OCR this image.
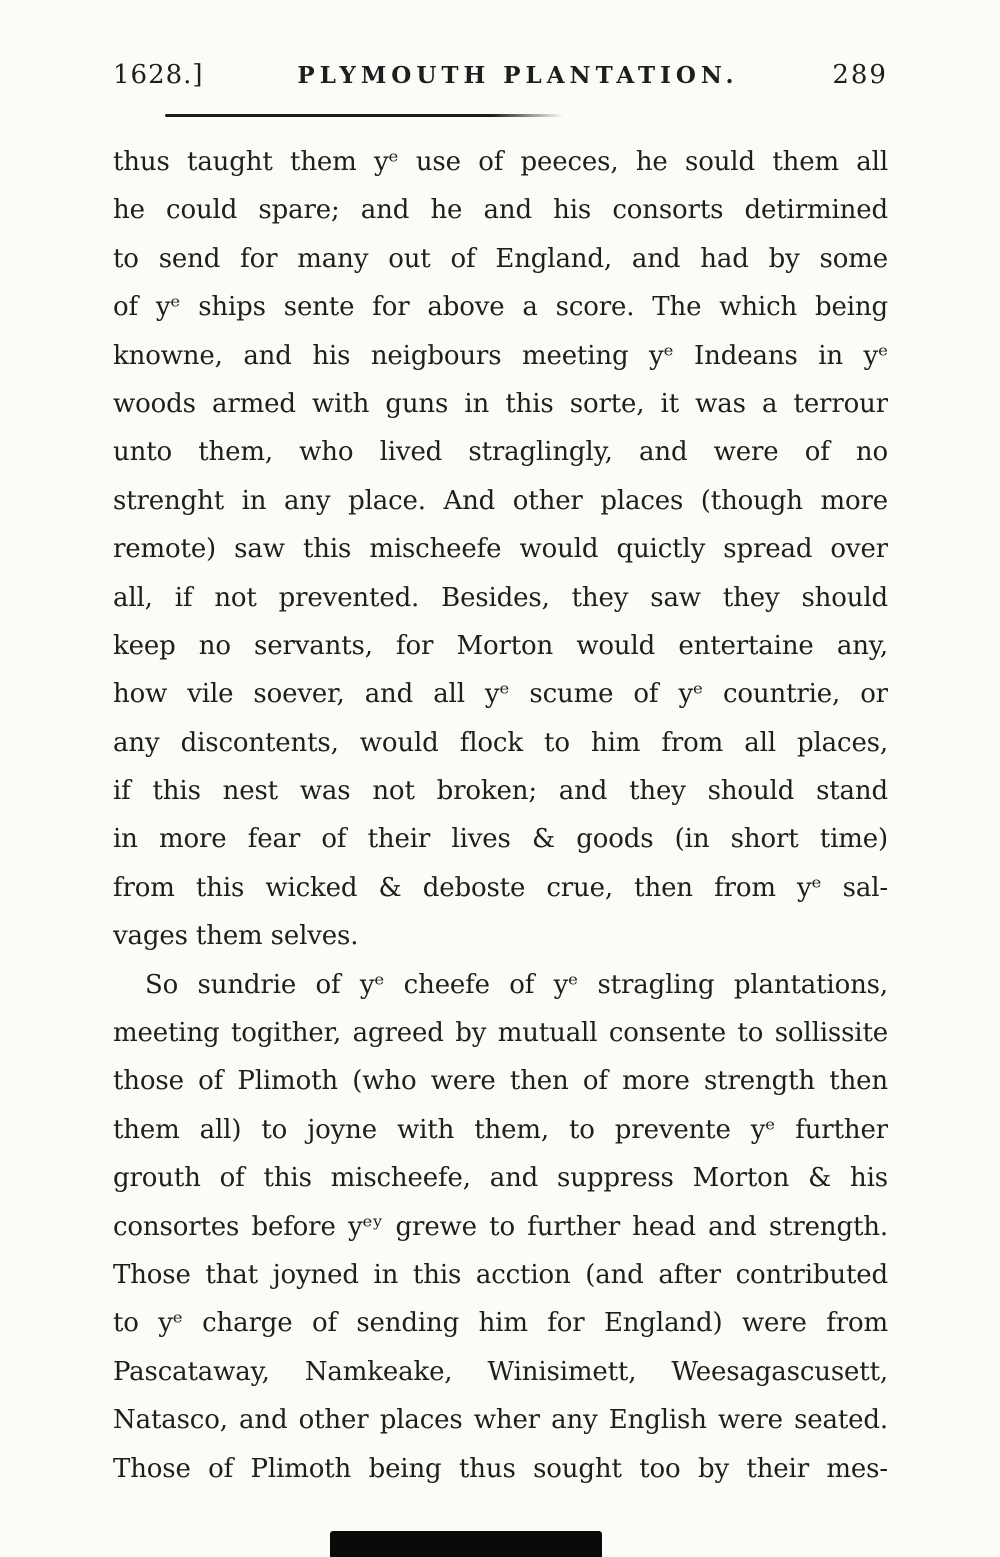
1628.]	PLYMOUTH PLANTATION.	289
thus taught them yᵉ use of peeces, he sould them all
he could spare; and he and his consorts detirmined
to send for many out of England, and had by some
of yᵉ ships sente for above a score. The which being
knowne, and his neigbours meeting yᵉ Indeans in yᵉ
woods armed with guns in this sorte, it was a terrour
unto them, who lived straglingly, and were of no
strenght in any place. And other places (though more
remote) saw this mischeefe would quictly spread over
all, if not prevented. Besides, they saw they should
keep no servants, for Morton would entertaine any,
how vile soever, and all yᵉ scume of yᵉ countrie, or
any discontents, would flock to him from all places,
if this nest was not broken; and they should stand
in more fear of their lives & goods (in short time)
from this wicked & deboste crue, then from yᵉ sal-
vages them selves.
So sundrie of yᵉ cheefe of yᵉ stragling plantations,
meeting togither, agreed by mutuall consente to sollissite
those of Plimoth (who were then of more strength then
them all) to joyne with them, to prevente yᵉ further
grouth of this mischeefe, and suppress Morton & his
consortes before yᵉʸ grewe to further head and strength.
Those that joyned in this acction (and after contributed
to yᵉ charge of sending him for England) were from
Pascataway, Namkeake, Winisimett, Weesagascusett,
Natasco, and other places wher any English were seated.
Those of Plimoth being thus sought too by their mes-
